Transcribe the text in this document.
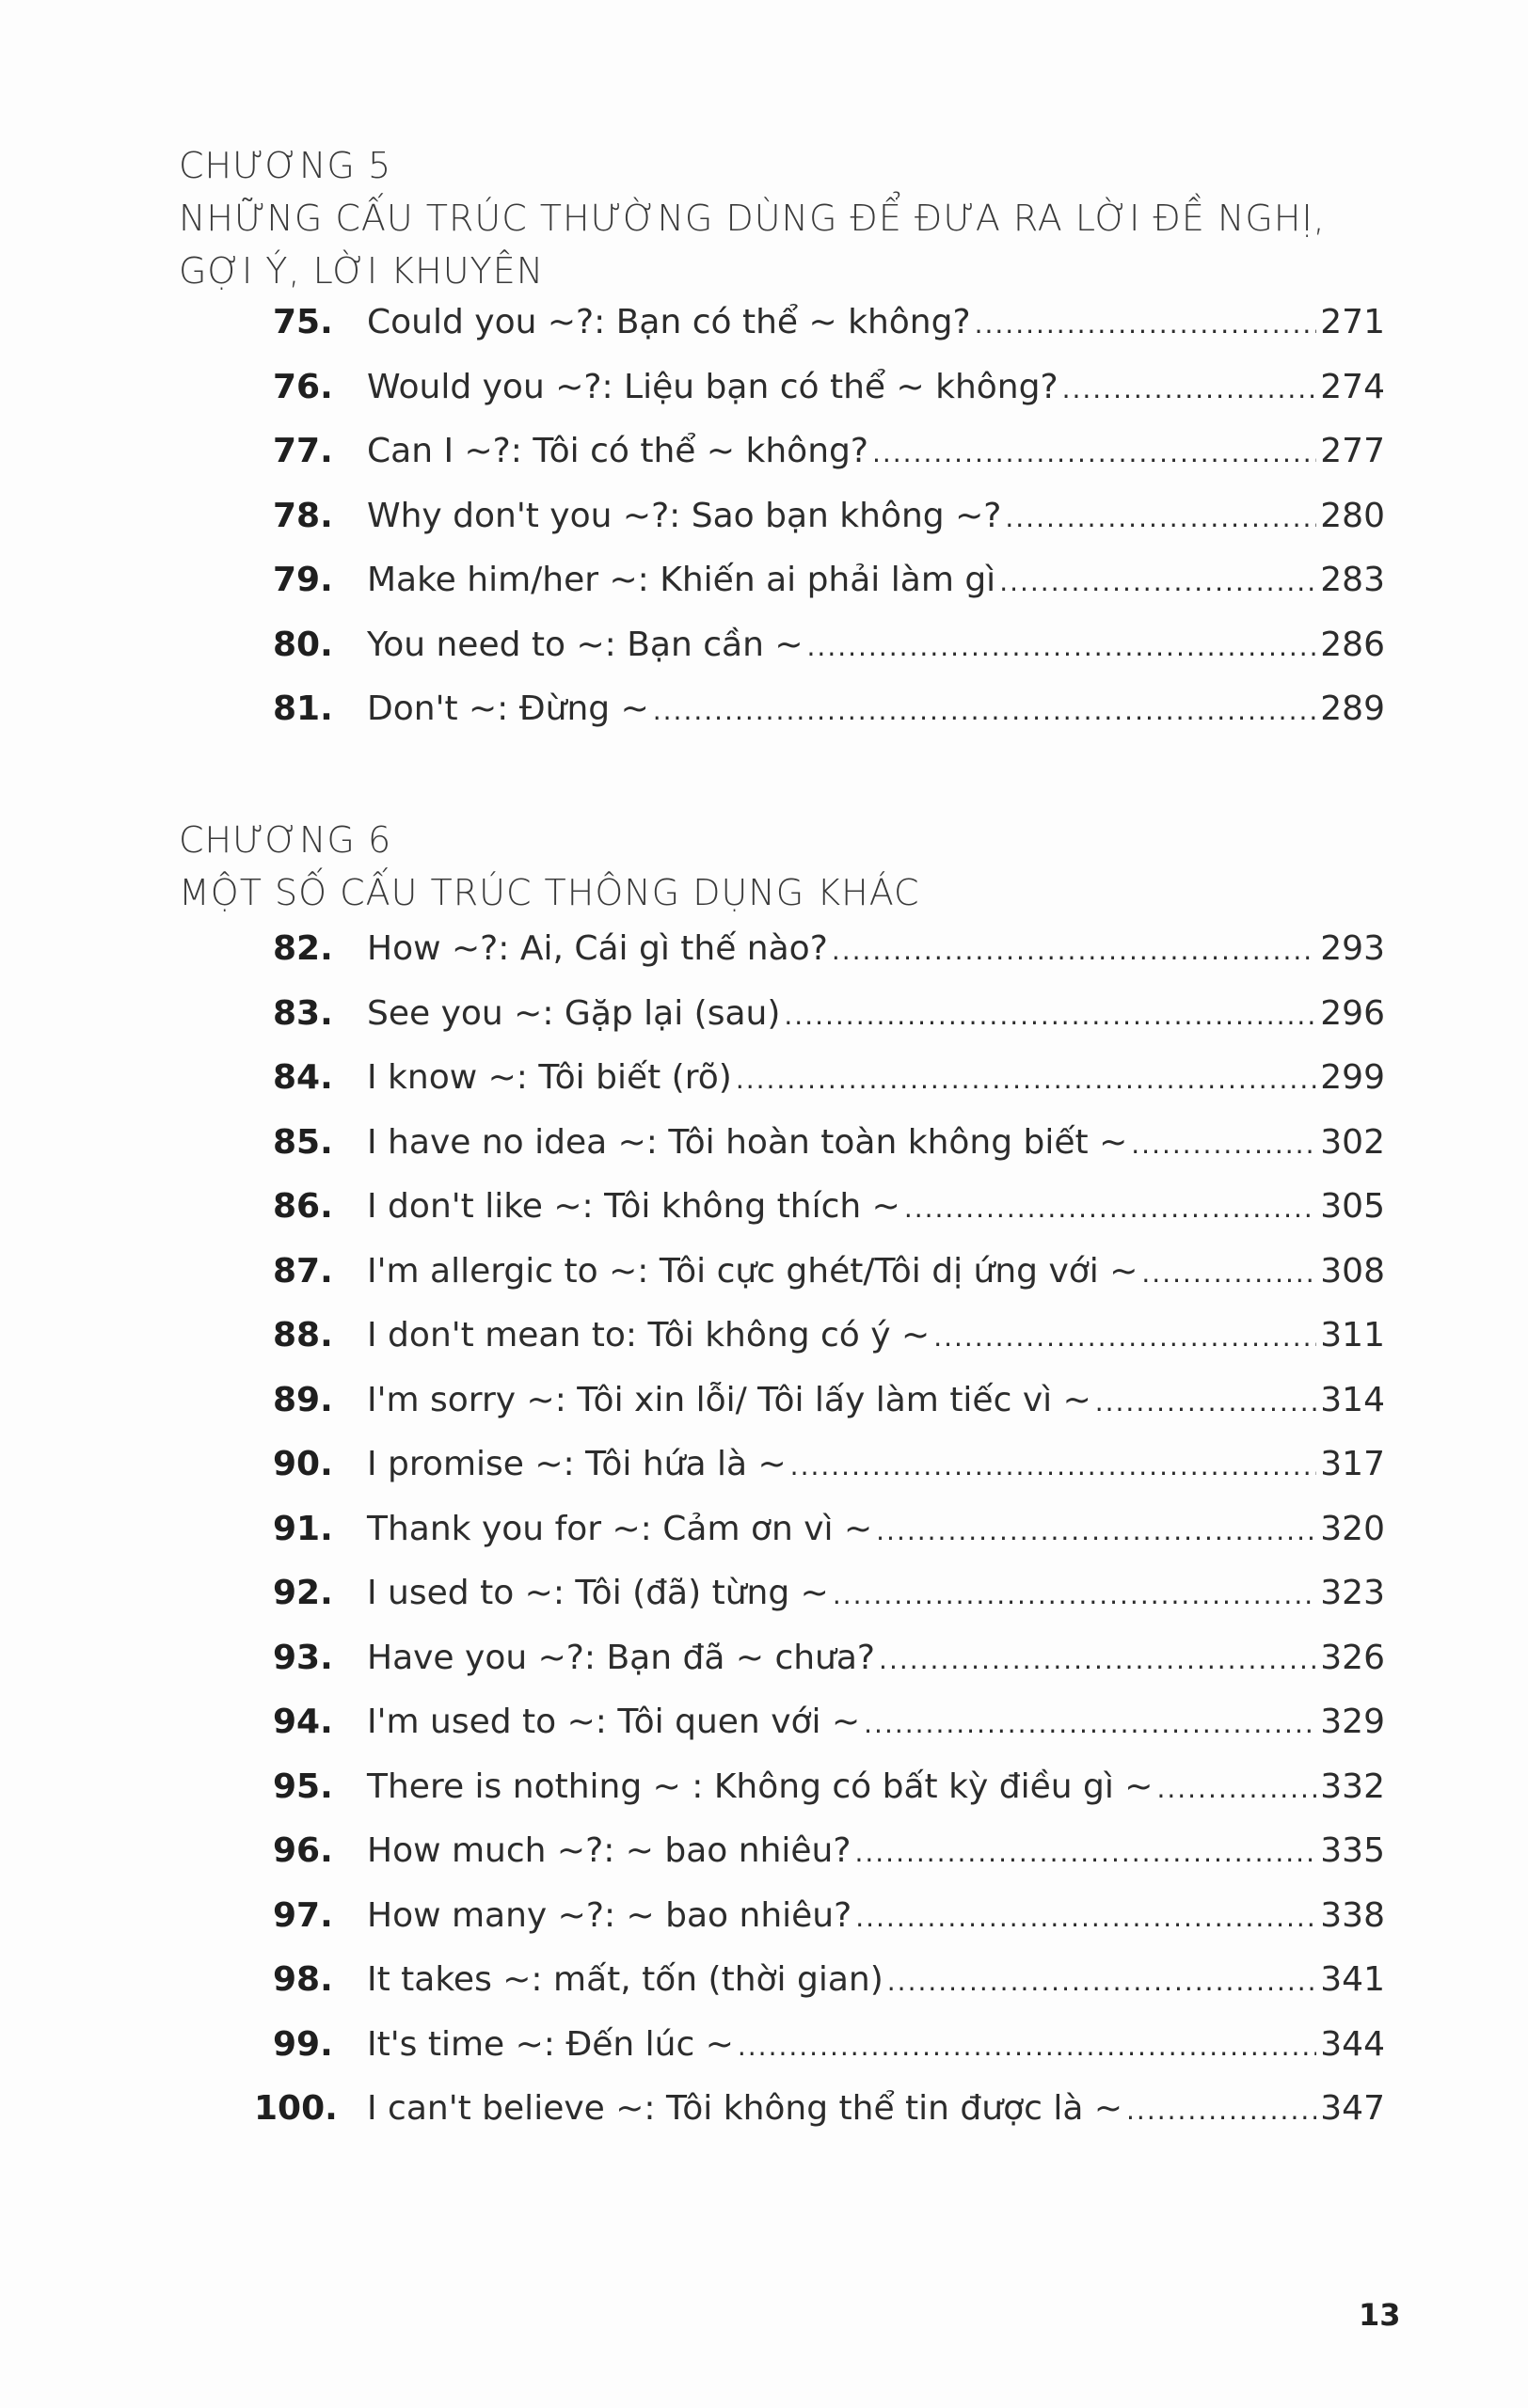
CHƯƠNG 5
NHỮNG CẤU TRÚC THƯỜNG DÙNG ĐỂ ĐƯA RA LỜI ĐỀ NGHỊ, GỢI Ý, LỜI KHUYÊN
75.	Could you ~?: Bạn có thể ~ không? .....	271
76.	Would you ~?: Liệu bạn có thể ~ không? .....	274
77.	Can I ~?: Tôi có thể ~ không? .....	277
78.	Why don't you ~?: Sao bạn không ~? .....	280
79.	Make him/her ~: Khiến ai phải làm gì .....	283
80.	You need to ~: Bạn cần ~ .....	286
81.	Don't ~: Đừng ~ .....	289
CHƯƠNG 6
MỘT SỐ CẤU TRÚC THÔNG DỤNG KHÁC
82.	How ~?: Ai, Cái gì thế nào? .....	293
83.	See you ~: Gặp lại (sau) .....	296
84.	I know ~: Tôi biết (rõ) .....	299
85.	I have no idea ~: Tôi hoàn toàn không biết ~ .....	302
86.	I don't like ~: Tôi không thích ~ .....	305
87.	I'm allergic to ~: Tôi cực ghét/Tôi dị ứng với ~ .....	308
88.	I don't mean to: Tôi không có ý ~ .....	311
89.	I'm sorry ~: Tôi xin lỗi/ Tôi lấy làm tiếc vì ~ .....	314
90.	I promise ~: Tôi hứa là ~ .....	317
91.	Thank you for ~: Cảm ơn vì ~ .....	320
92.	I used to ~: Tôi (đã) từng ~ .....	323
93.	Have you ~?: Bạn đã ~ chưa? .....	326
94.	I'm used to ~: Tôi quen với ~ .....	329
95.	There is nothing ~ : Không có bất kỳ điều gì ~ .....	332
96.	How much ~?: ~ bao nhiêu? .....	335
97.	How many ~?: ~ bao nhiêu? .....	338
98.	It takes ~: mất, tốn (thời gian) .....	341
99.	It's time ~: Đến lúc ~ .....	344
100. I can't believe ~: Tôi không thể tin được là ~ .....	347
13
